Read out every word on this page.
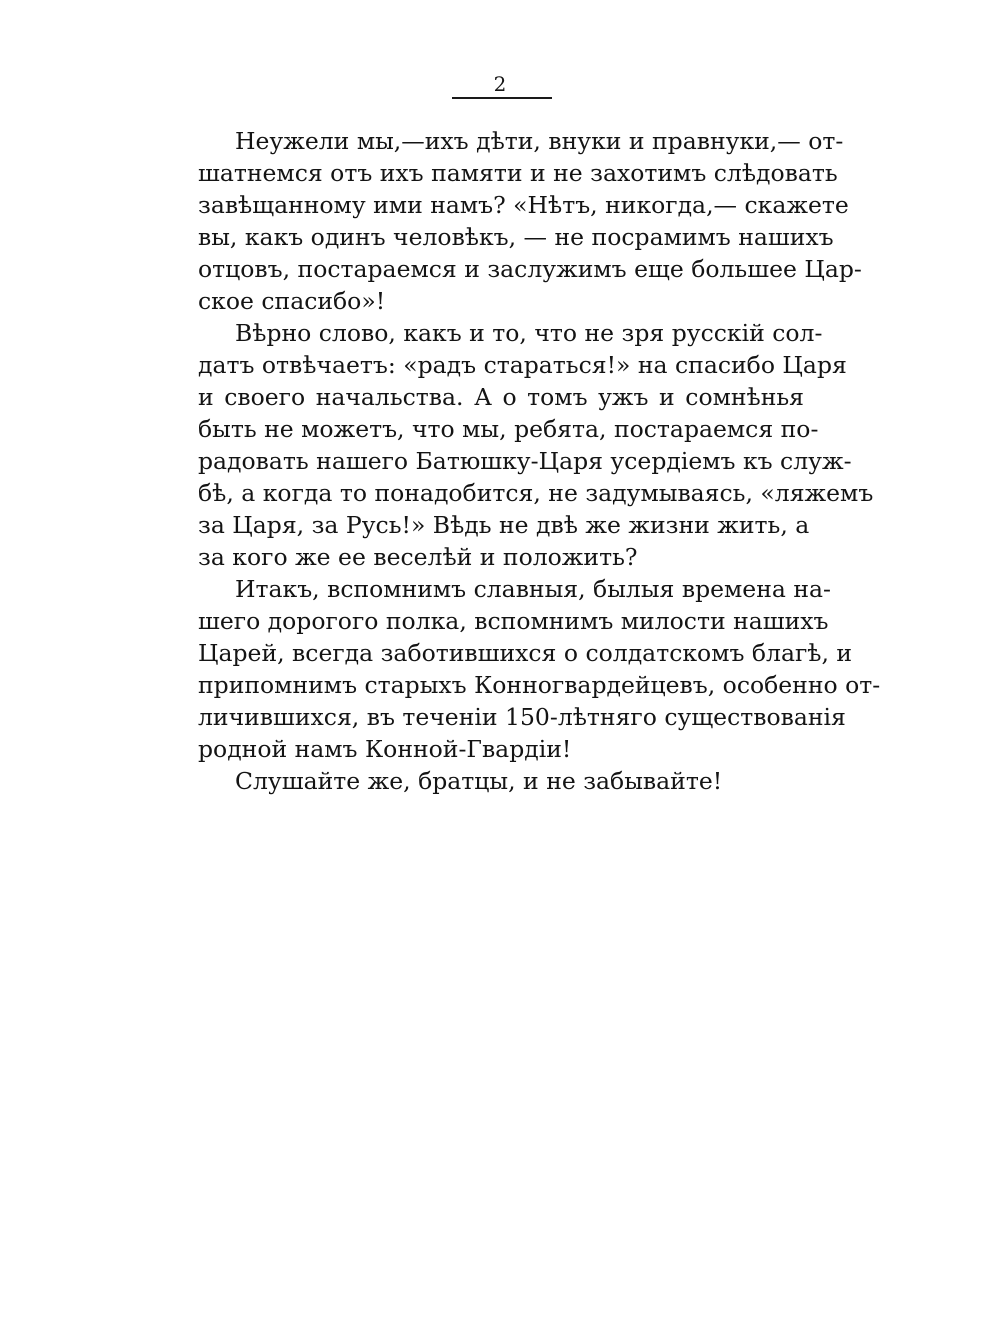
2
Неужели мы,—ихъ дѣти, внуки и правнуки,— от-
шатнемся отъ ихъ памяти и не захотимъ слѣдовать
завѣщанному ими намъ? «Нѣтъ, никогда,— скажете
вы, какъ одинъ человѣкъ, — не посрамимъ нашихъ
отцовъ, постараемся и заслужимъ еще большее Цар-
ское спасибо»!
Вѣрно слово, какъ и то, что не зря русскій сол-
датъ отвѣчаетъ: «радъ стараться!» на спасибо Царя
и своего начальства. А о томъ ужъ и сомнѣнья
быть не можетъ, что мы, ребята, постараемся по-
радовать нашего Батюшку-Царя усердіемъ къ служ-
бѣ, а когда то понадобится, не задумываясь, «ляжемъ
за Царя, за Русь!» Вѣдь не двѣ же жизни жить, а
за кого же ее веселѣй и положить?
Итакъ, вспомнимъ славныя, былыя времена на-
шего дорогого полка, вспомнимъ милости нашихъ
Царей, всегда заботившихся о солдатскомъ благѣ, и
припомнимъ старыхъ Конногвардейцевъ, особенно от-
личившихся, въ теченіи 150-лѣтняго существованія
родной намъ Конной-Гвардіи!
Слушайте же, братцы, и не забывайте!
